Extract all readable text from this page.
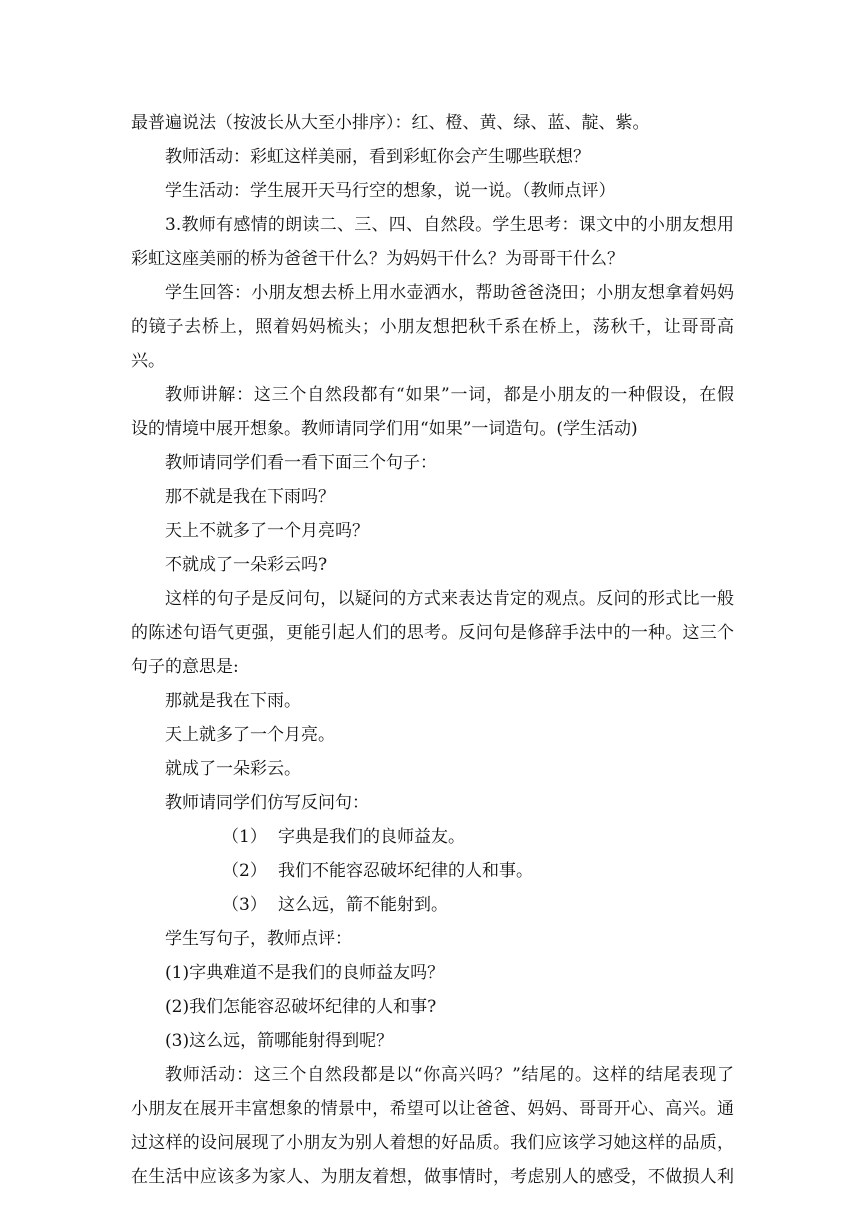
最普遍说法（按波长从大至小排序）：红、橙、黄、绿、蓝、靛、紫。

教师活动：彩虹这样美丽，看到彩虹你会产生哪些联想？

学生活动：学生展开天马行空的想象，说一说。（教师点评）

3.教师有感情的朗读二、三、四、自然段。学生思考：课文中的小朋友想用

彩虹这座美丽的桥为爸爸干什么？为妈妈干什么？为哥哥干什么？

学生回答：小朋友想去桥上用水壶洒水，帮助爸爸浇田；小朋友想拿着妈妈

的镜子去桥上，照着妈妈梳头；小朋友想把秋千系在桥上，荡秋千，让哥哥高兴。

教师讲解：这三个自然段都有“如果”一词，都是小朋友的一种假设，在假

设的情境中展开想象。教师请同学们用“如果”一词造句。(学生活动)

教师请同学们看一看下面三个句子：

那不就是我在下雨吗？

天上不就多了一个月亮吗？

不就成了一朵彩云吗?

这样的句子是反问句，以疑问的方式来表达肯定的观点。反问的形式比一般

的陈述句语气更强，更能引起人们的思考。反问句是修辞手法中的一种。这三个

句子的意思是:

那就是我在下雨。

天上就多了一个月亮。

就成了一朵彩云。

教师请同学们仿写反问句：

（1） 字典是我们的良师益友。
（2） 我们不能容忍破坏纪律的人和事。
（3） 这么远，箭不能射到。

学生写句子，教师点评：

(1)字典难道不是我们的良师益友吗？

(2)我们怎能容忍破坏纪律的人和事?

(3)这么远，箭哪能射得到呢？

教师活动：这三个自然段都是以“你高兴吗？”结尾的。这样的结尾表现了

小朋友在展开丰富想象的情景中，希望可以让爸爸、妈妈、哥哥开心、高兴。通

过这样的设问展现了小朋友为别人着想的好品质。我们应该学习她这样的品质，

在生活中应该多为家人、为朋友着想，做事情时，考虑别人的感受，不做损人利
